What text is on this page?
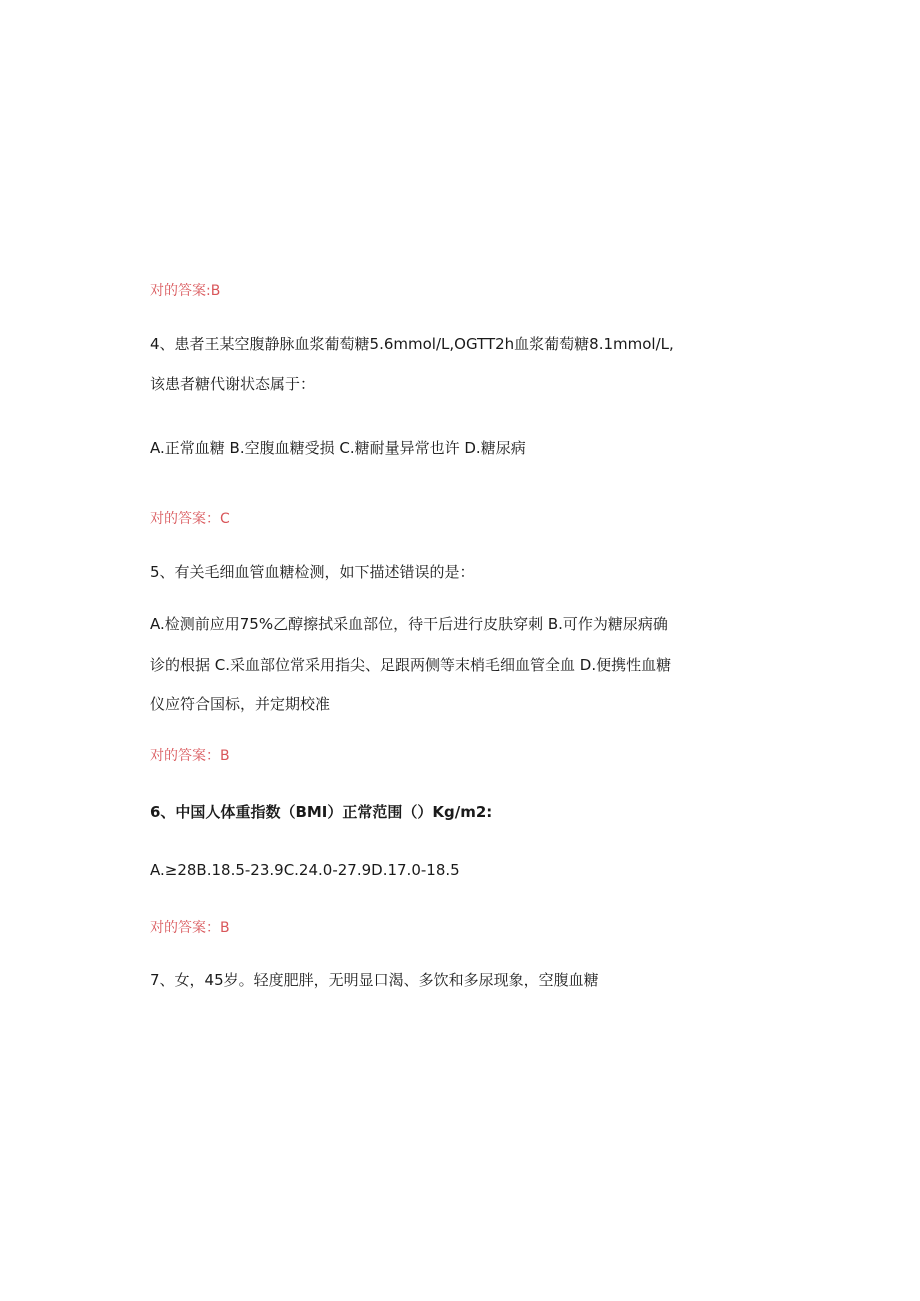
对的答案:B
4、患者王某空腹静脉血浆葡萄糖5.6mmol/L,OGTT2h血浆葡萄糖8.1mmol/L,
该患者糖代谢状态属于：
A.正常血糖 B.空腹血糖受损 C.糖耐量异常也许 D.糖尿病
对的答案：C
5、有关毛细血管血糖检测，如下描述错误的是：
A.检测前应用75%乙醇擦拭采血部位，待干后进行皮肤穿刺 B.可作为糖尿病确
诊的根据 C.采血部位常采用指尖、足跟两侧等末梢毛细血管全血 D.便携性血糖
仪应符合国标，并定期校准
对的答案：B
6、中国人体重指数（BMI）正常范围（）Kg/m2:
A.≥28B.18.5-23.9C.24.0-27.9D.17.0-18.5
对的答案：B
7、女，45岁。轻度肥胖，无明显口渴、多饮和多尿现象，空腹血糖
